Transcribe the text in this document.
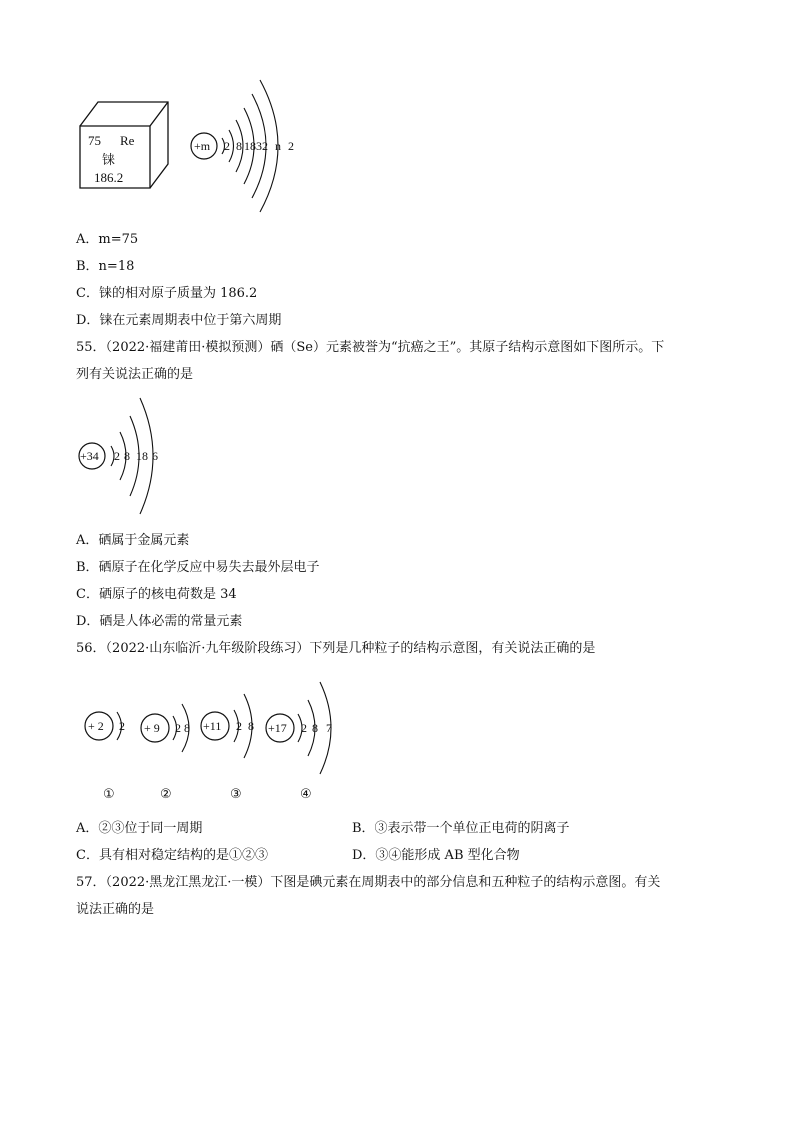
75 Re
铼
186.2
+m 2 8 18 32 n 2
A．m=75
B．n=18
C．铼的相对原子质量为 186.2
D．铼在元素周期表中位于第六周期
55．（2022·福建莆田·模拟预测）硒（Se）元素被誉为“抗癌之王”。其原子结构示意图如下图所示。下
列有关说法正确的是
+34 2 8 18 6
A．硒属于金属元素
B．硒原子在化学反应中易失去最外层电子
C．硒原子的核电荷数是 34
D．硒是人体必需的常量元素
56．（2022·山东临沂·九年级阶段练习）下列是几种粒子的结构示意图，有关说法正确的是
+ 2 2
①
+ 9 2 8
②
+11 2 8
③
+17 2 8 7
④
A．②③位于同一周期	B．③表示带一个单位正电荷的阴离子
C．具有相对稳定结构的是①②③	D．③④能形成 AB 型化合物
57．（2022·黑龙江黑龙江·一模）下图是碘元素在周期表中的部分信息和五种粒子的结构示意图。有关
说法正确的是
